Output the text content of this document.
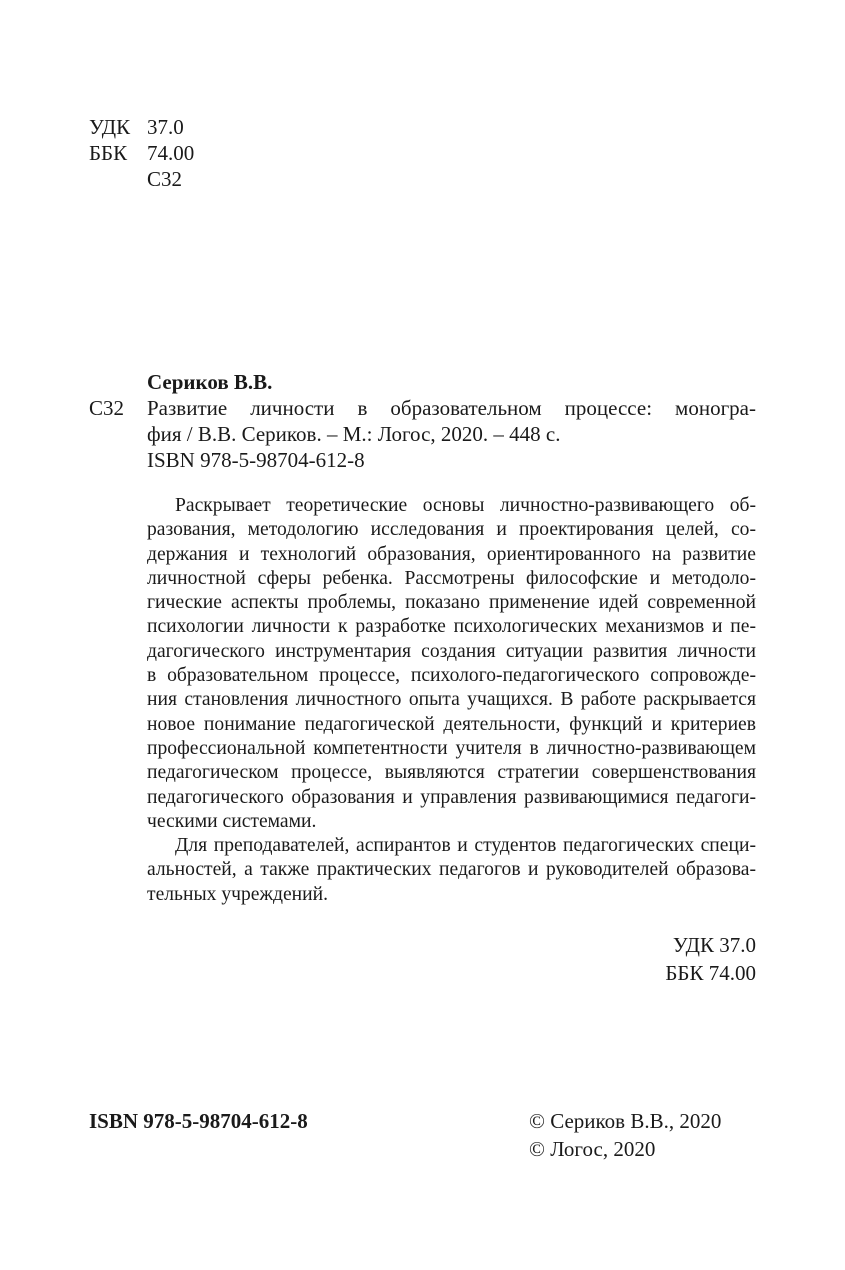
УДК 37.0
ББК 74.00
С32
Сериков В.В.
С32	Развитие личности в образовательном процессе: моногра-
фия / В.В. Сериков. – М.: Логос, 2020. – 448 с.
ISBN 978-5-98704-612-8
Раскрывает теоретические основы личностно-развивающего об-
разования, методологию исследования и проектирования целей, со-
держания и технологий образования, ориентированного на развитие
личностной сферы ребенка. Рассмотрены философские и методоло-
гические аспекты проблемы, показано применение идей современной
психологии личности к разработке психологических механизмов и пе-
дагогического инструментария создания ситуации развития личности
в образовательном процессе, психолого-педагогического сопровожде-
ния становления личностного опыта учащихся. В работе раскрывается
новое понимание педагогической деятельности, функций и критериев
профессиональной компетентности учителя в личностно-развивающем
педагогическом процессе, выявляются стратегии совершенствования
педагогического образования и управления развивающимися педагоги-
ческими системами.
Для преподавателей, аспирантов и студентов педагогических специ-
альностей, а также практических педагогов и руководителей образова-
тельных учреждений.
УДК 37.0
ББК 74.00
ISBN 978-5-98704-612-8	© Сериков В.В., 2020
© Логос, 2020
